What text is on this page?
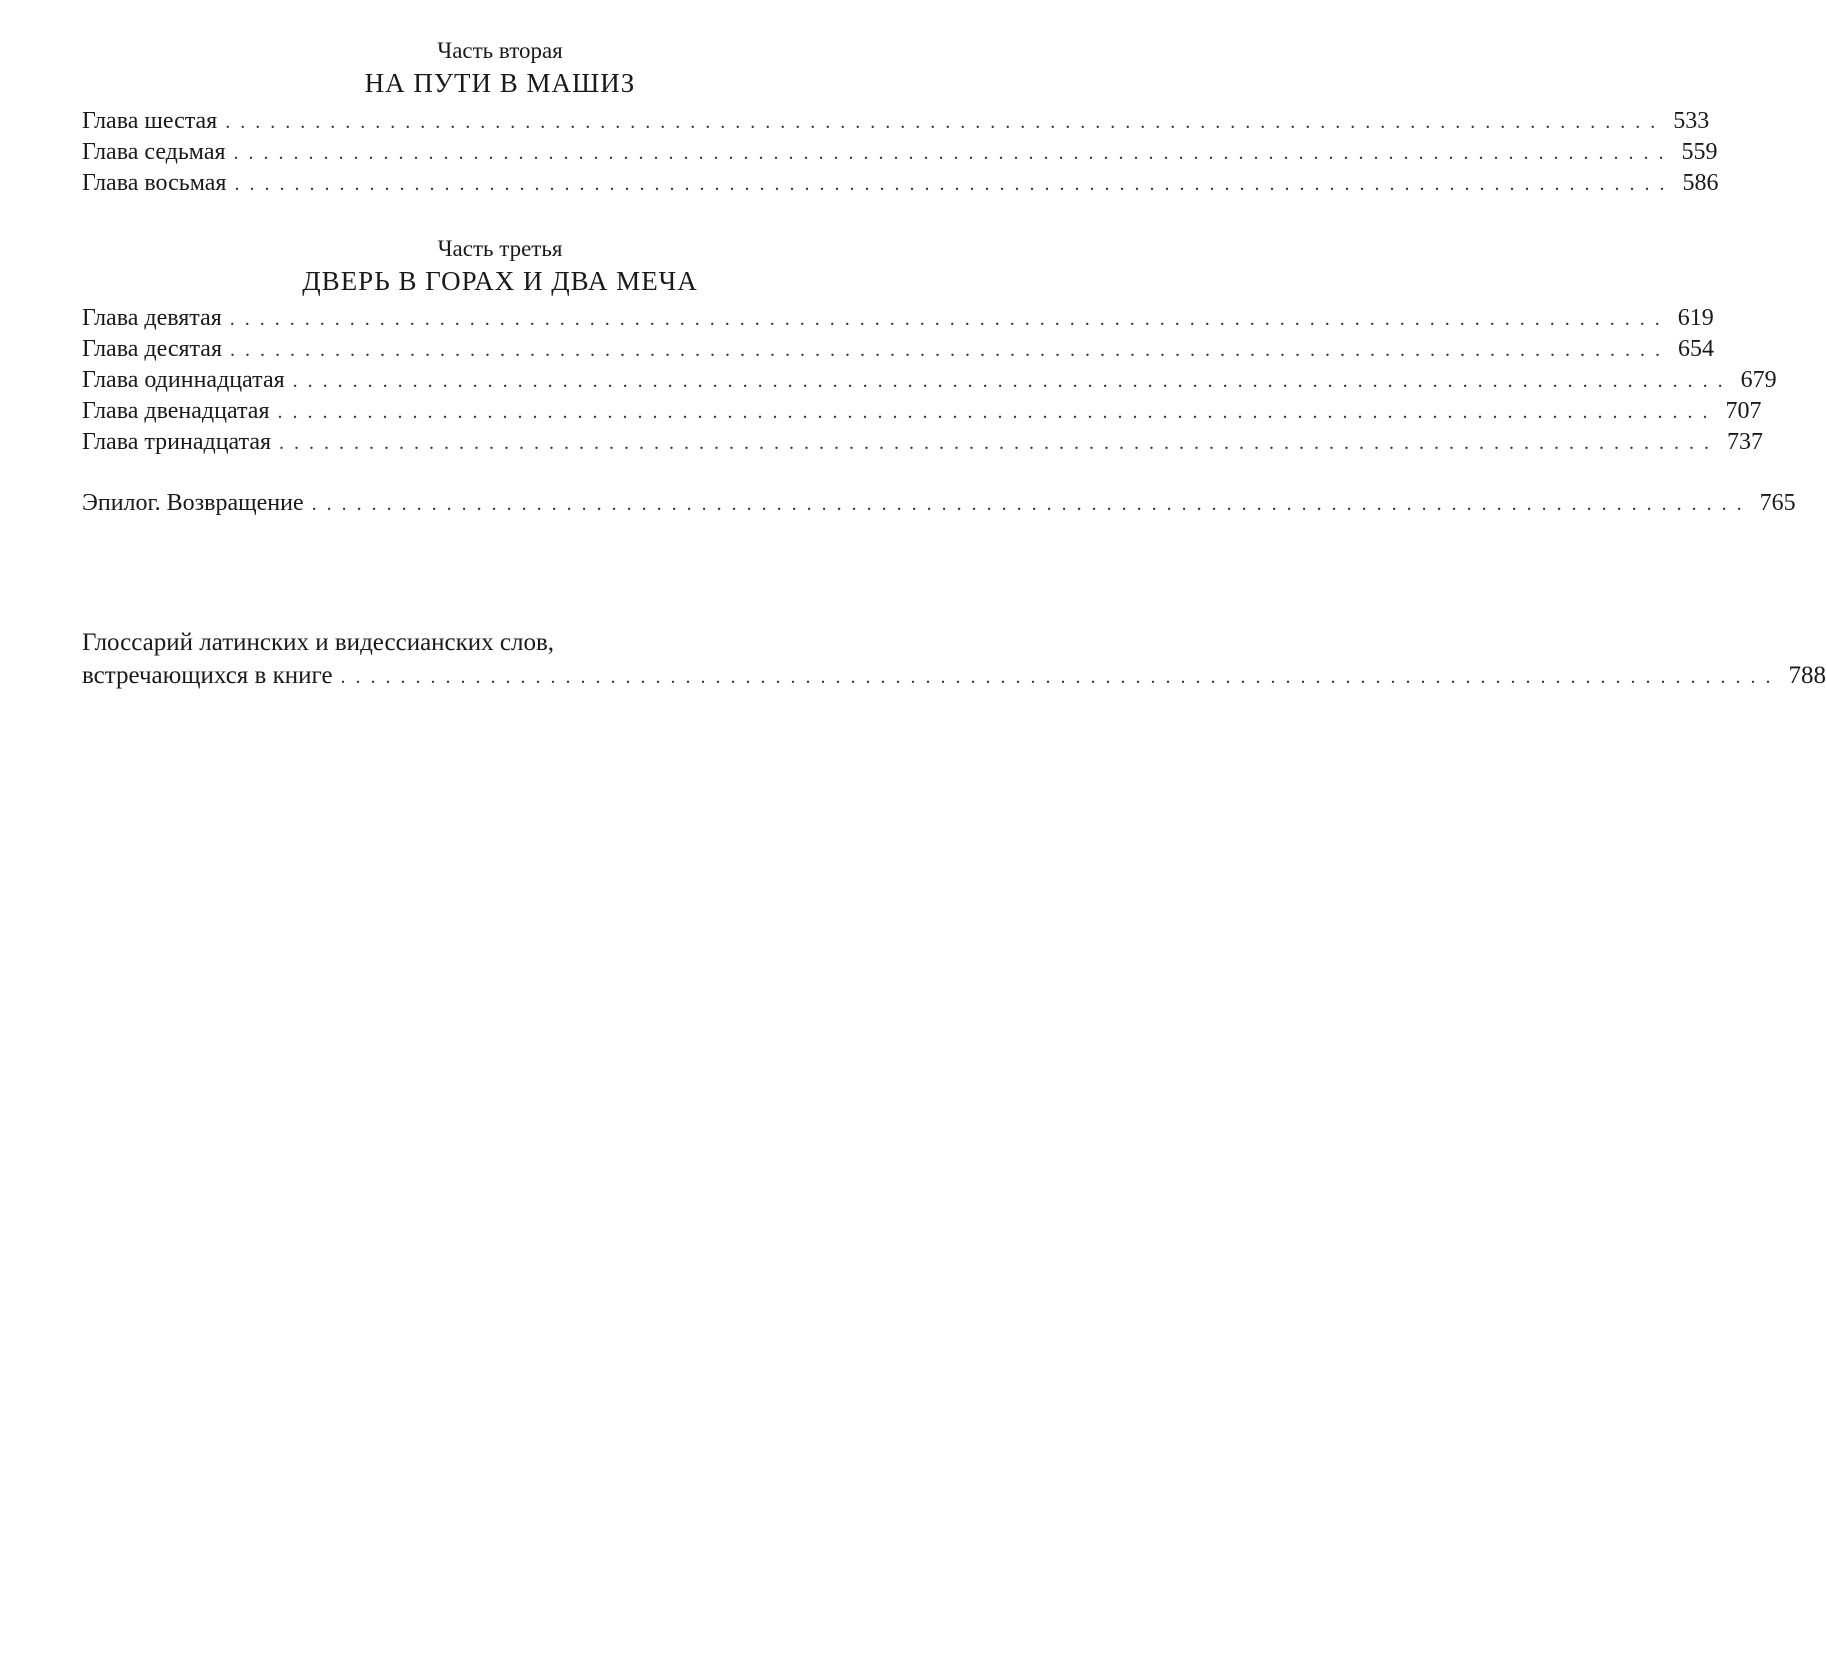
Часть вторая
НА ПУТИ В МАШИЗ
Глава шестая ................................................................................................ 533
Глава седьмая ................................................................................................ 559
Глава восьмая ................................................................................................ 586
Часть третья
ДВЕРЬ В ГОРАХ И ДВА МЕЧА
Глава девятая ................................................................................................ 619
Глава десятая ................................................................................................ 654
Глава одиннадцатая ................................................................................................ 679
Глава двенадцатая ................................................................................................ 707
Глава тринадцатая ................................................................................................ 737
Эпилог. Возвращение ................................................................................................ 765
Глоссарий латинских и видессианских слов,
встречающихся в книге ................................................................................................ 788
